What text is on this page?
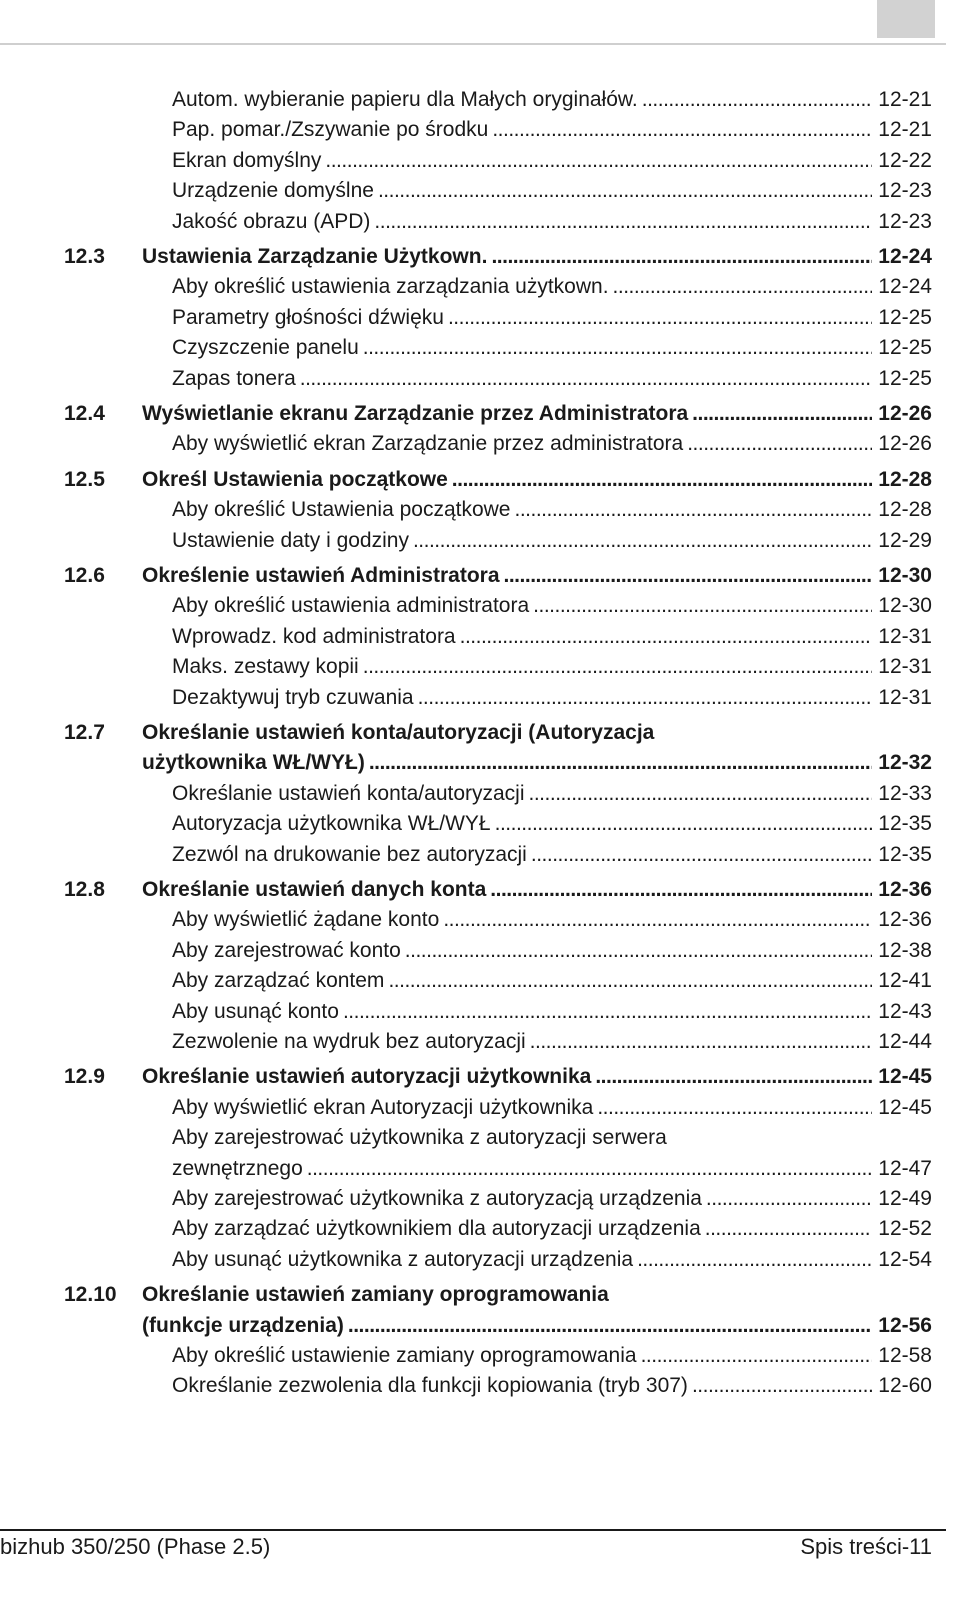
Autom. wybieranie papieru dla Małych oryginałów. .....	12-21
Pap. pomar./Zszywanie po środku .....	12-21
Ekran domyślny .....	12-22
Urządzenie domyślne .....	12-23
Jakość obrazu (APD) .....	12-23
12.3 Ustawienia Zarządzanie Użytkown. .....	12-24
Aby określić ustawienia zarządzania użytkown. .....	12-24
Parametry głośności dźwięku .....	12-25
Czyszczenie panelu .....	12-25
Zapas tonera .....	12-25
12.4 Wyświetlanie ekranu Zarządzanie przez Administratora .....	12-26
Aby wyświetlić ekran Zarządzanie przez administratora .....	12-26
12.5 Określ Ustawienia początkowe .....	12-28
Aby określić Ustawienia początkowe .....	12-28
Ustawienie daty i godziny .....	12-29
12.6 Określenie ustawień Administratora .....	12-30
Aby określić ustawienia administratora .....	12-30
Wprowadz. kod administratora .....	12-31
Maks. zestawy kopii .....	12-31
Dezaktywuj tryb czuwania .....	12-31
12.7 Określanie ustawień konta/autoryzacji (Autoryzacja
użytkownika WŁ/WYŁ) .....	12-32
Określanie ustawień konta/autoryzacji .....	12-33
Autoryzacja użytkownika WŁ/WYŁ .....	12-35
Zezwól na drukowanie bez autoryzacji .....	12-35
12.8 Określanie ustawień danych konta .....	12-36
Aby wyświetlić żądane konto .....	12-36
Aby zarejestrować konto .....	12-38
Aby zarządzać kontem .....	12-41
Aby usunąć konto .....	12-43
Zezwolenie na wydruk bez autoryzacji .....	12-44
12.9 Określanie ustawień autoryzacji użytkownika .....	12-45
Aby wyświetlić ekran Autoryzacji użytkownika .....	12-45
Aby zarejestrować użytkownika z autoryzacji serwera
zewnętrznego .....	12-47
Aby zarejestrować użytkownika z autoryzacją urządzenia .....	12-49
Aby zarządzać użytkownikiem dla autoryzacji urządzenia .....	12-52
Aby usunąć użytkownika z autoryzacji urządzenia .....	12-54
12.10 Określanie ustawień zamiany oprogramowania
(funkcje urządzenia) .....	12-56
Aby określić ustawienie zamiany oprogramowania .....	12-58
Określanie zezwolenia dla funkcji kopiowania (tryb 307) .....	12-60
bizhub 350/250 (Phase 2.5)	Spis treści-11
